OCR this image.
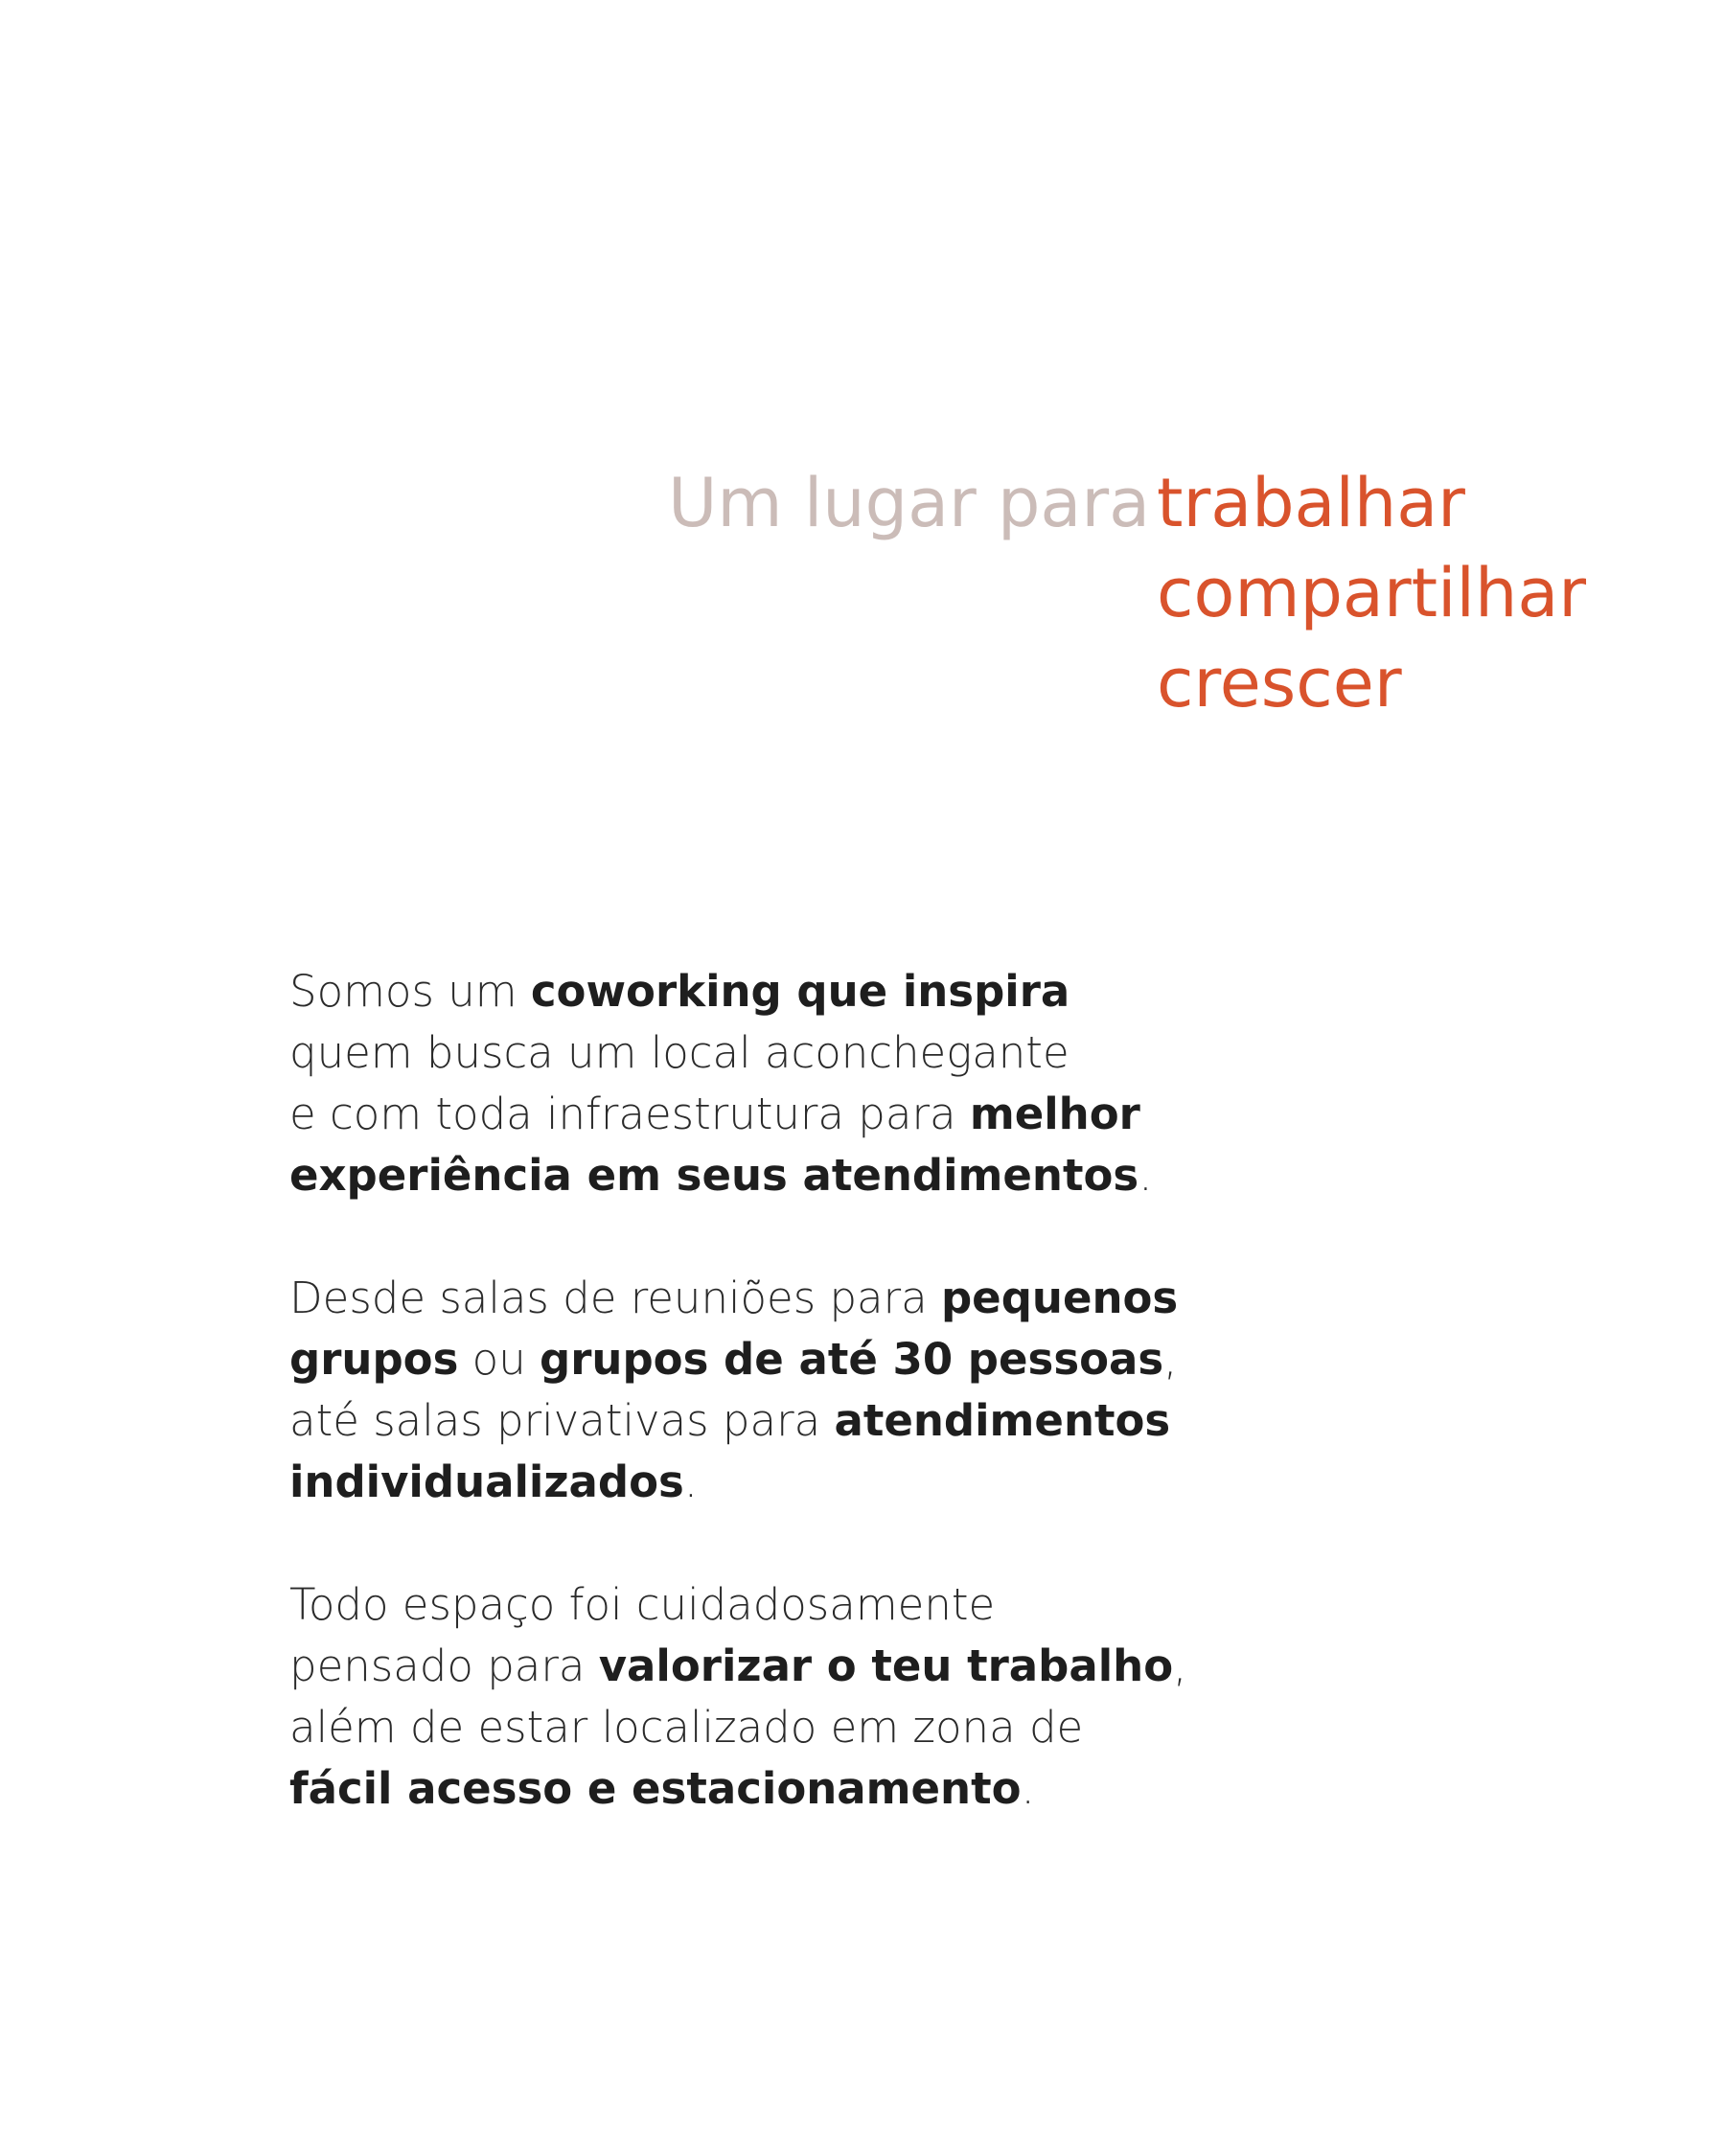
Um lugar para trabalhar
compartilhar
crescer
Somos um coworking que inspira
quem busca um local aconchegante
e com toda infraestrutura para melhor
experiência em seus atendimentos.
Desde salas de reuniões para pequenos
grupos ou grupos de até 30 pessoas,
até salas privativas para atendimentos
individualizados.
Todo espaço foi cuidadosamente
pensado para valorizar o teu trabalho,
além de estar localizado em zona de
fácil acesso e estacionamento.
